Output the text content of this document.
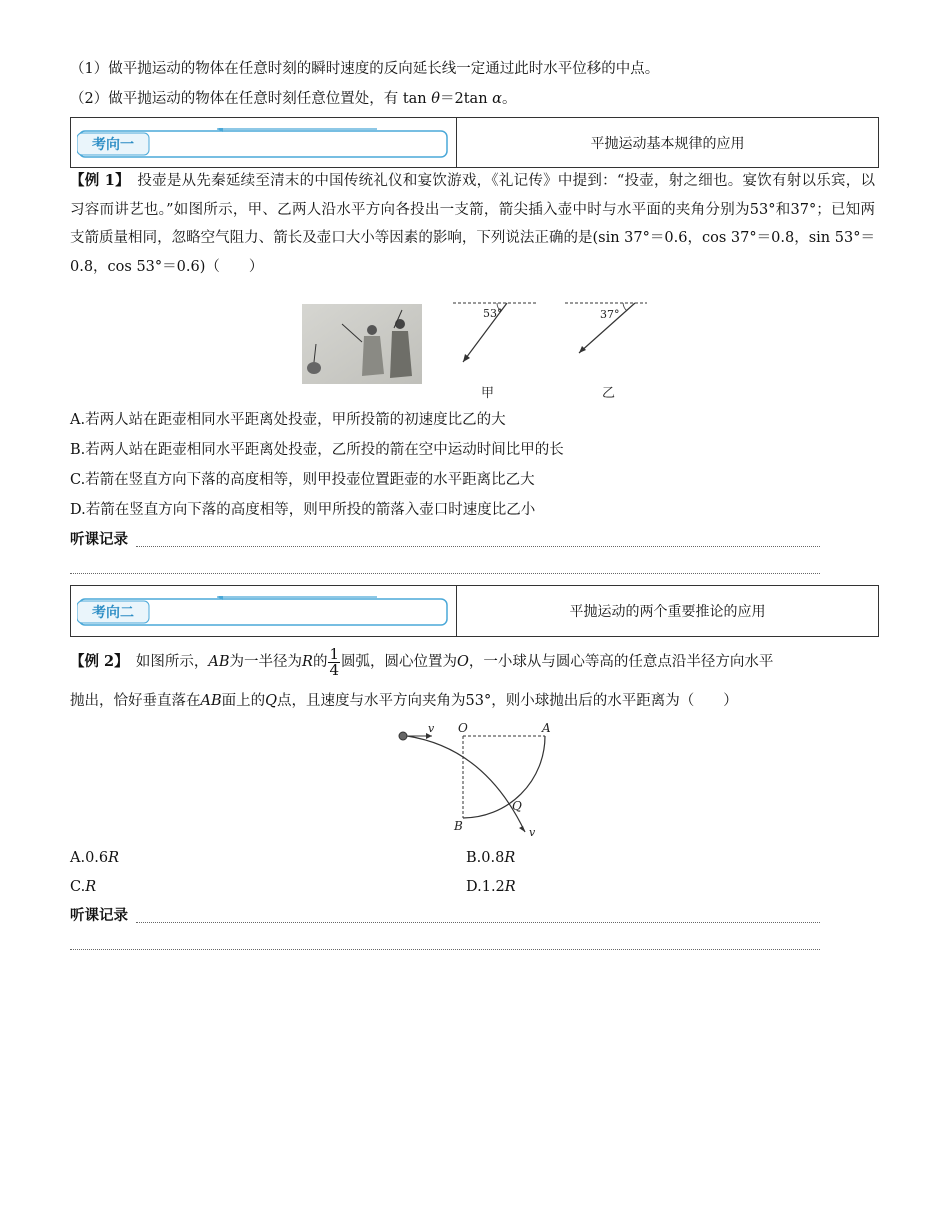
（1）做平抛运动的物体在任意时刻的瞬时速度的反向延长线一定通过此时水平位移的中点。
（2）做平抛运动的物体在任意时刻任意位置处，有 tan θ＝2tan α。
考向一	平抛运动基本规律的应用
【例 1】　 投壶是从先秦延续至清末的中国传统礼仪和宴饮游戏，《礼记传》中提到：“投壶，射之细也。宴饮有射以乐宾，以习容而讲艺也。”如图所示，甲、乙两人沿水平方向各投出一支箭，箭尖插入壶中时与水平面的夹角分别为53°和37°；已知两支箭质量相同，忽略空气阻力、箭长及壶口大小等因素的影响，下列说法正确的是(sin 37°＝0.6，cos 37°＝0.8，sin 53°＝0.8，cos 53°＝0.6)（　　）
53°	37°
甲	乙
A.若两人站在距壶相同水平距离处投壶，甲所投箭的初速度比乙的大
B.若两人站在距壶相同水平距离处投壶，乙所投的箭在空中运动时间比甲的长
C.若箭在竖直方向下落的高度相等，则甲投壶位置距壶的水平距离比乙大
D.若箭在竖直方向下落的高度相等，则甲所投的箭落入壶口时速度比乙小
听课记录
考向二	平抛运动的两个重要推论的应用
【例 2】　 如图所示，AB为一半径为R的 $\frac{1}{4}$ 圆弧，圆心位置为O，一小球从与圆心等高的任意点沿半径方向水平
抛出，恰好垂直落在AB面上的Q点，且速度与水平方向夹角为53°，则小球抛出后的水平距离为（　　）
O	A
B
Q
v
v
A.0.6R	B.0.8R
C.R	D.1.2R
听课记录
